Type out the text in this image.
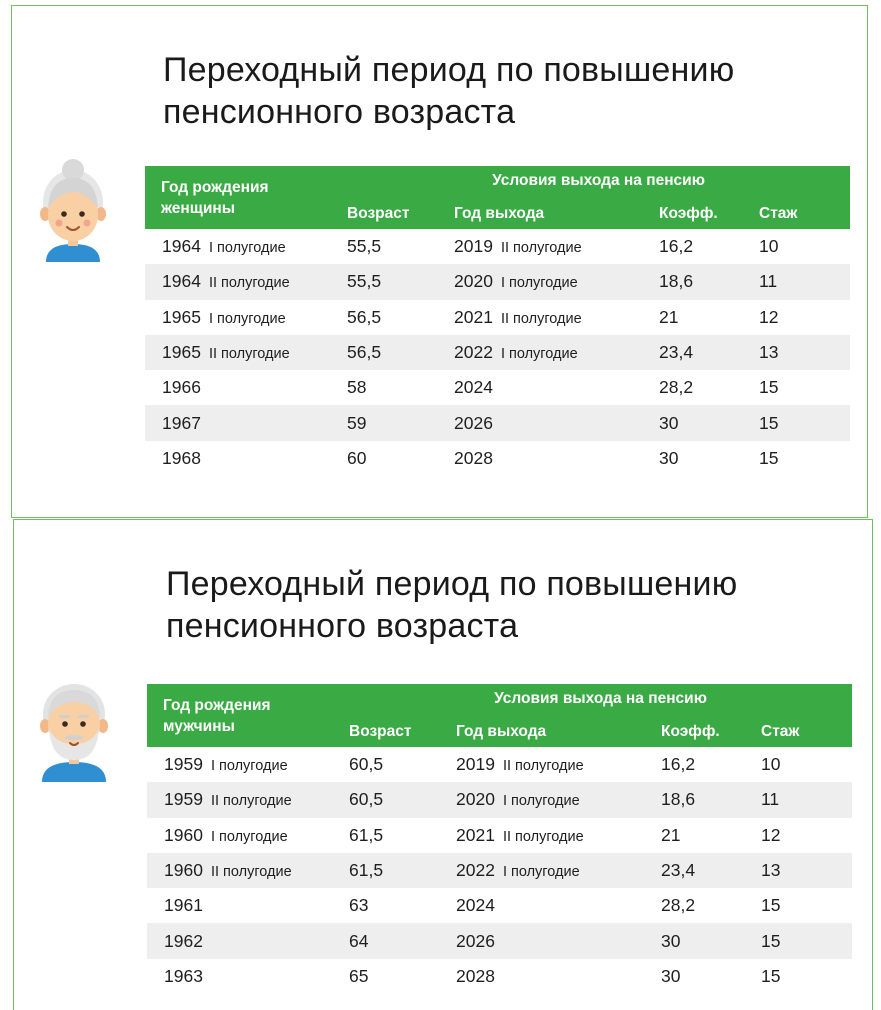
Переходный период по повышению
пенсионного возраста
Год рождения
женщины	Условия выхода на пенсию			
	Возраст	Год выхода	Коэфф.	Стаж
1964 I полугодие	55,5	2019 II полугодие	16,2	10
1964 II полугодие	55,5	2020 I полугодие	18,6	11
1965 I полугодие	56,5	2021 II полугодие	21	12
1965 II полугодие	56,5	2022 I полугодие	23,4	13
1966	58	2024	28,2	15
1967	59	2026	30	15
1968	60	2028	30	15
Переходный период по повышению
пенсионного возраста
Год рождения
мужчины	Условия выхода на пенсию			
	Возраст	Год выхода	Коэфф.	Стаж
1959 I полугодие	60,5	2019 II полугодие	16,2	10
1959 II полугодие	60,5	2020 I полугодие	18,6	11
1960 I полугодие	61,5	2021 II полугодие	21	12
1960 II полугодие	61,5	2022 I полугодие	23,4	13
1961	63	2024	28,2	15
1962	64	2026	30	15
1963	65	2028	30	15
